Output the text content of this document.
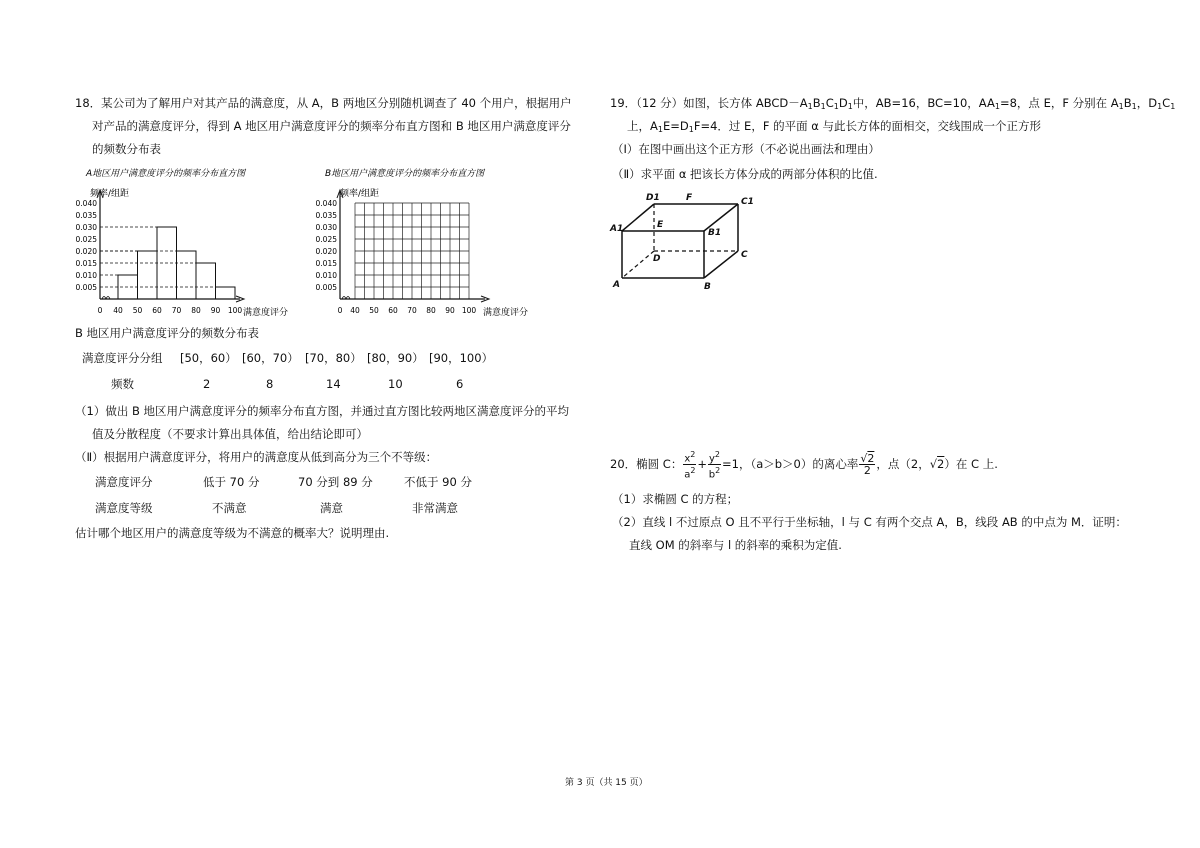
18．某公司为了解用户对其产品的满意度，从 A，B 两地区分别随机调查了 40 个用户，根据用户
对产品的满意度评分，得到 A 地区用户满意度评分的频率分布直方图和 B 地区用户满意度评分
的频数分布表
A地区用户满意度评分的频率分布直方图
频率/组距
满意度评分
0.005
0.010
0.015
0.020
0.025
0.030
0.035
0.040
0 40 50 60 70 80 90 100
B地区用户满意度评分的频率分布直方图
频率/组距
满意度评分
0.005
0.010
0.015
0.020
0.025
0.030
0.035
0.040
0 40 50 60 70 80 90 100
B 地区用户满意度评分的频数分布表
满意度评分分组 [50，60） [60，70） [70，80） [80，90） [90，100）
频数	2	8	14	10	6
（1）做出 B 地区用户满意度评分的频率分布直方图，并通过直方图比较两地区满意度评分的平均
值及分散程度（不要求计算出具体值，给出结论即可）
（Ⅱ）根据用户满意度评分，将用户的满意度从低到高分为三个不等级：
满意度评分	低于 70 分	70 分到 89 分	不低于 90 分
满意度等级	不满意	满意	非常满意
估计哪个地区用户的满意度等级为不满意的概率大？说明理由.
19．（12 分）如图，长方体 $ABCD-A_1B_1C_1D_1$中，AB=16，BC=10，$AA_1=8$，点 E，F 分别在 $A_1B_1$，$D_1C_1$
上，$A_1E=D_1F=4$．过 E，F 的平面 α 与此长方体的面相交，交线围成一个正方形
（Ⅰ）在图中画出这个正方形（不必说出画法和理由）
（Ⅱ）求平面 α 把该长方体分成的两部分体积的比值.
D1	F	C1
A1	E
B1
D	C
A	B
20．椭圆 C： $\frac{x^2}{a^2} + \frac{y^2}{b^2} =1$，（a＞b＞0）的离心率 $\frac{√2}{2}$ ，点（2，√2）在 C 上.
（1）求椭圆 C 的方程；
（2）直线 l 不过原点 O 且不平行于坐标轴，l 与 C 有两个交点 A，B，线段 AB 的中点为 M．证明：
直线 OM 的斜率与 l 的斜率的乘积为定值.
第 3 页（共 15 页）
